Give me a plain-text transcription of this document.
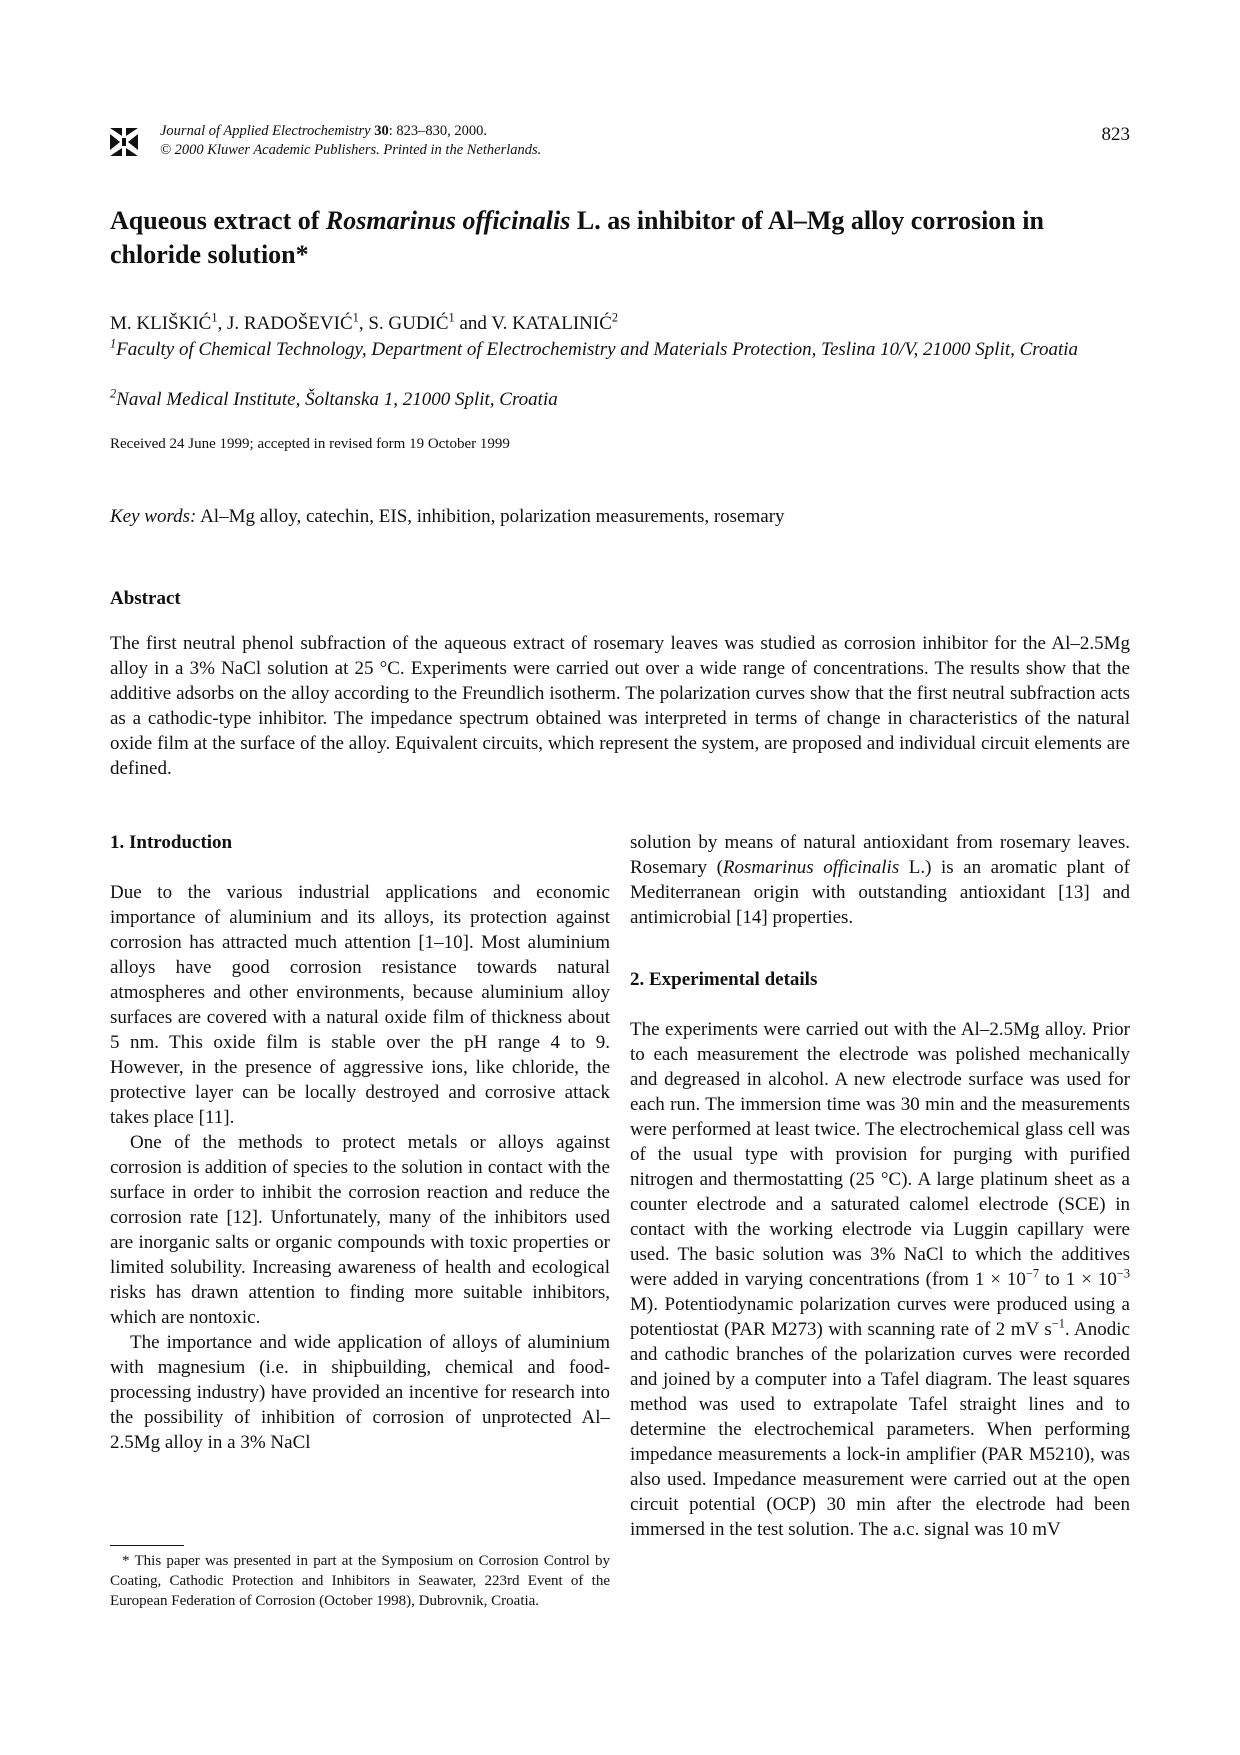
Journal of Applied Electrochemistry 30: 823–830, 2000.
© 2000 Kluwer Academic Publishers. Printed in the Netherlands.
823
Aqueous extract of Rosmarinus officinalis L. as inhibitor of Al–Mg alloy corrosion in chloride solution*
M. KLIŠKIĆ$^1$, J. RADOŠEVIĆ$^1$, S. GUDIĆ$^1$ and V. KATALINIĆ$^2$
$^1$Faculty of Chemical Technology, Department of Electrochemistry and Materials Protection, Teslina 10/V, 21000 Split, Croatia
$^2$Naval Medical Institute, Šoltanska 1, 21000 Split, Croatia
Received 24 June 1999; accepted in revised form 19 October 1999
Key words: Al–Mg alloy, catechin, EIS, inhibition, polarization measurements, rosemary
Abstract
The first neutral phenol subfraction of the aqueous extract of rosemary leaves was studied as corrosion inhibitor for the Al–2.5Mg alloy in a 3% NaCl solution at 25 °C. Experiments were carried out over a wide range of concentrations. The results show that the additive adsorbs on the alloy according to the Freundlich isotherm. The polarization curves show that the first neutral subfraction acts as a cathodic-type inhibitor. The impedance spectrum obtained was interpreted in terms of change in characteristics of the natural oxide film at the surface of the alloy. Equivalent circuits, which represent the system, are proposed and individual circuit elements are defined.
1. Introduction

Due to the various industrial applications and economic importance of aluminium and its alloys, its protection against corrosion has attracted much attention [1–10]. Most aluminium alloys have good corrosion resistance towards natural atmospheres and other environments, because aluminium alloy surfaces are covered with a natural oxide film of thickness about 5 nm. This oxide film is stable over the pH range 4 to 9. However, in the presence of aggressive ions, like chloride, the protective layer can be locally destroyed and corrosive attack takes place [11].

One of the methods to protect metals or alloys against corrosion is addition of species to the solution in contact with the surface in order to inhibit the corrosion reaction and reduce the corrosion rate [12]. Unfortunately, many of the inhibitors used are inorganic salts or organic compounds with toxic properties or limited solubility. Increasing awareness of health and ecological risks has drawn attention to finding more suitable inhibitors, which are nontoxic.

The importance and wide application of alloys of aluminium with magnesium (i.e. in shipbuilding, chemical and food-processing industry) have provided an incentive for research into the possibility of inhibition of corrosion of unprotected Al–2.5Mg alloy in a 3% NaCl

solution by means of natural antioxidant from rosemary leaves. Rosemary (Rosmarinus officinalis L.) is an aromatic plant of Mediterranean origin with outstanding antioxidant [13] and antimicrobial [14] properties.

2. Experimental details

The experiments were carried out with the Al–2.5Mg alloy. Prior to each measurement the electrode was polished mechanically and degreased in alcohol. A new electrode surface was used for each run. The immersion time was 30 min and the measurements were performed at least twice. The electrochemical glass cell was of the usual type with provision for purging with purified nitrogen and thermostatting (25 °C). A large platinum sheet as a counter electrode and a saturated calomel electrode (SCE) in contact with the working electrode via Luggin capillary were used. The basic solution was 3% NaCl to which the additives were added in varying concentrations (from $1 \times 10^{-7}$ to $1 \times 10^{-3}$ M). Potentiodynamic polarization curves were produced using a potentiostat (PAR M273) with scanning rate of 2 mV $s^{-1}$. Anodic and cathodic branches of the polarization curves were recorded and joined by a computer into a Tafel diagram. The least squares method was used to extrapolate Tafel straight lines and to determine the electrochemical parameters. When performing impedance measurements a lock-in amplifier (PAR M5210), was also used. Impedance measurement were carried out at the open circuit potential (OCP) 30 min after the electrode had been immersed in the test solution. The a.c. signal was 10 mV

* This paper was presented in part at the Symposium on Corrosion Control by Coating, Cathodic Protection and Inhibitors in Seawater, 223rd Event of the European Federation of Corrosion (October 1998), Dubrovnik, Croatia.
